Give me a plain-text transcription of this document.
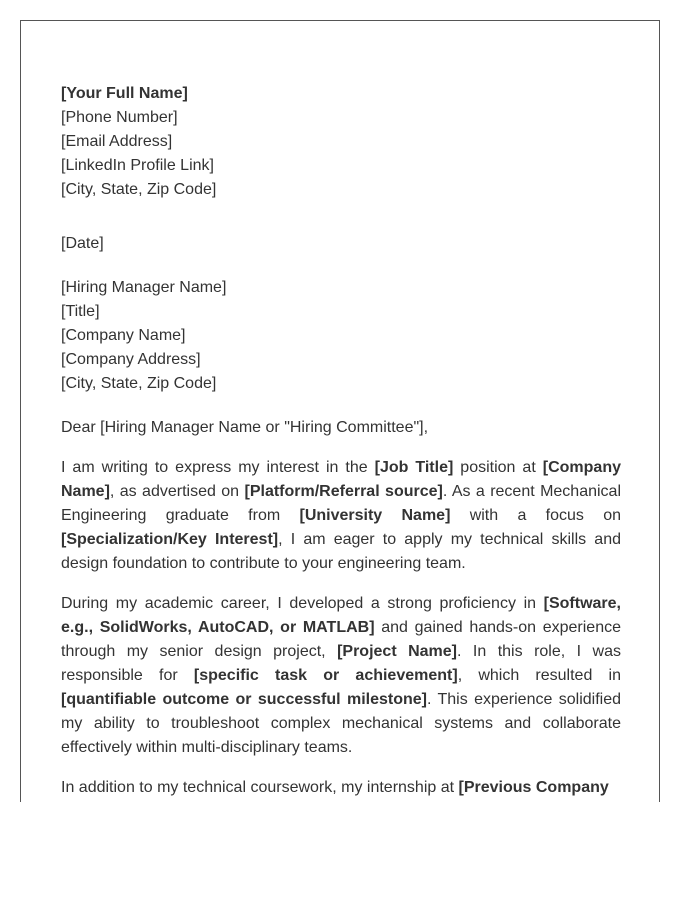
[Your Full Name]
[Phone Number]
[Email Address]
[LinkedIn Profile Link]
[City, State, Zip Code]
[Date]
[Hiring Manager Name]
[Title]
[Company Name]
[Company Address]
[City, State, Zip Code]
Dear [Hiring Manager Name or "Hiring Committee"],

I am writing to express my interest in the [Job Title] position at [Company Name], as advertised on [Platform/Referral source]. As a recent Mechanical Engineering graduate from [University Name] with a focus on [Specialization/Key Interest], I am eager to apply my technical skills and design foundation to contribute to your engineering team.

During my academic career, I developed a strong proficiency in [Software, e.g., SolidWorks, AutoCAD, or MATLAB] and gained hands-on experience through my senior design project, [Project Name]. In this role, I was responsible for [specific task or achievement], which resulted in [quantifiable outcome or successful milestone]. This experience solidified my ability to troubleshoot complex mechanical systems and collaborate effectively within multi-disciplinary teams.

In addition to my technical coursework, my internship at [Previous Company
